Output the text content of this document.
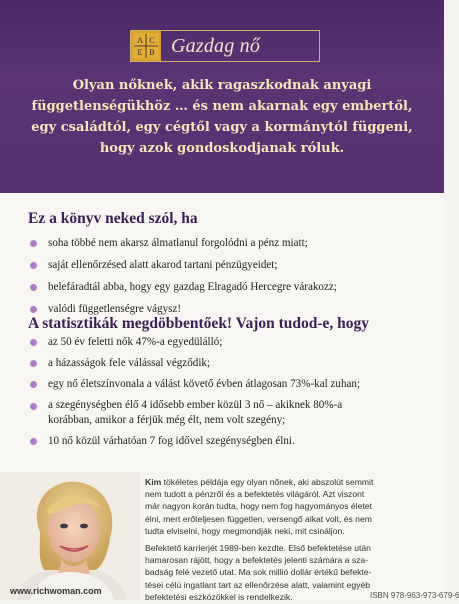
A C
E B Gazdag nő
Olyan nőknek, akik ragaszkodnak anyagi
függetlenségükhöz … és nem akarnak egy embertől,
egy családtól, egy cégtől vagy a kormánytól függeni,
hogy azok gondoskodjanak róluk.
Ez a könyv neked szól, ha
soha többé nem akarsz álmatlanul forgolódni a pénz miatt;
saját ellenőrzésed alatt akarod tartani pénzügyeidet;
belefáradtál abba, hogy egy gazdag Elragadó Hercegre várakozz;
valódi függetlenségre vágysz!
A statisztikák megdöbbentőek! Vajon tudod-e, hogy
az 50 év feletti nők 47%-a egyedülálló;
a házasságok fele válással végződik;
egy nő életszínvonala a válást követő évben átlagosan 73%-kal zuhan;
a szegénységben élő 4 idősebb ember közül 3 nő – akiknek 80%-a
korábban, amikor a férjük még élt, nem volt szegény;
10 nő közül várhatóan 7 fog idővel szegénységben élni.
www.richwoman.com
Kim tökéletes példája egy olyan nőnek, aki abszolút semmit
nem tudott a pénzről és a befektetés világáról. Azt viszont
már nagyon korán tudta, hogy nem fog hagyományos életet
élni, mert erőteljesen független, versengő alkat volt, és nem
tudta elviselni, hogy megmondják neki, mit csináljon.
Befektető karrierjét 1989-ben kezdte. Első befektetése után
hamarosan rájött, hogy a befektetés jelenti számára a sza-
badság felé vezető utat. Ma sok millió dollár értékű befekte-
tései célú ingatlant tart az ellenőrzése alatt, valamint egyéb
befektetési eszközökkel is rendelkezik.	ISBN 978-963-973-679-6
